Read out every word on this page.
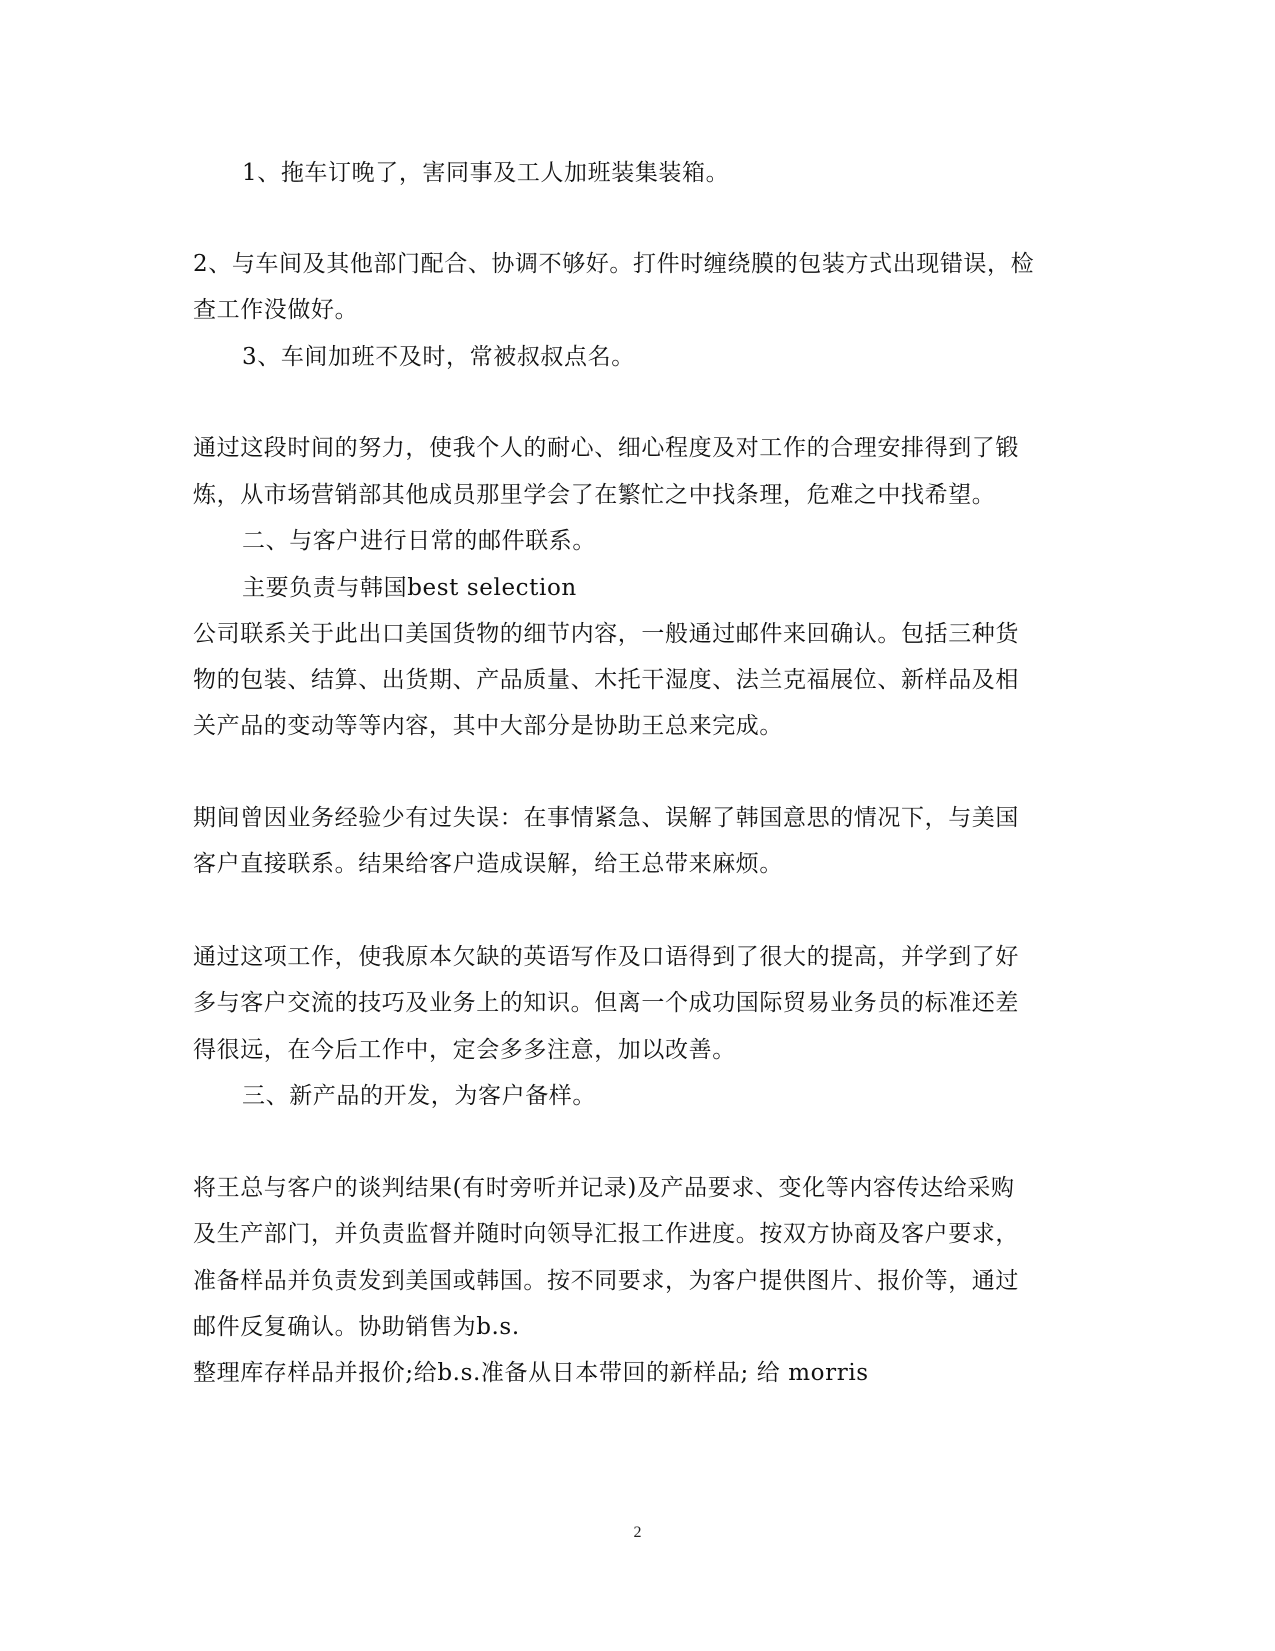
1、拖车订晚了，害同事及工人加班装集装箱。
2、与车间及其他部门配合、协调不够好。打件时缠绕膜的包装方式出现错误，检
查工作没做好。
3、车间加班不及时，常被叔叔点名。
通过这段时间的努力，使我个人的耐心、细心程度及对工作的合理安排得到了锻
炼，从市场营销部其他成员那里学会了在繁忙之中找条理，危难之中找希望。
二、与客户进行日常的邮件联系。
主要负责与韩国best selection
公司联系关于此出口美国货物的细节内容，一般通过邮件来回确认。包括三种货
物的包装、结算、出货期、产品质量、木托干湿度、法兰克福展位、新样品及相
关产品的变动等等内容，其中大部分是协助王总来完成。
期间曾因业务经验少有过失误：在事情紧急、误解了韩国意思的情况下，与美国
客户直接联系。结果给客户造成误解，给王总带来麻烦。
通过这项工作，使我原本欠缺的英语写作及口语得到了很大的提高，并学到了好
多与客户交流的技巧及业务上的知识。但离一个成功国际贸易业务员的标准还差
得很远，在今后工作中，定会多多注意，加以改善。
三、新产品的开发，为客户备样。
将王总与客户的谈判结果(有时旁听并记录)及产品要求、变化等内容传达给采购
及生产部门，并负责监督并随时向领导汇报工作进度。按双方协商及客户要求，
准备样品并负责发到美国或韩国。按不同要求，为客户提供图片、报价等，通过
邮件反复确认。协助销售为b.s.
整理库存样品并报价;给b.s.准备从日本带回的新样品; 给 morris
2
